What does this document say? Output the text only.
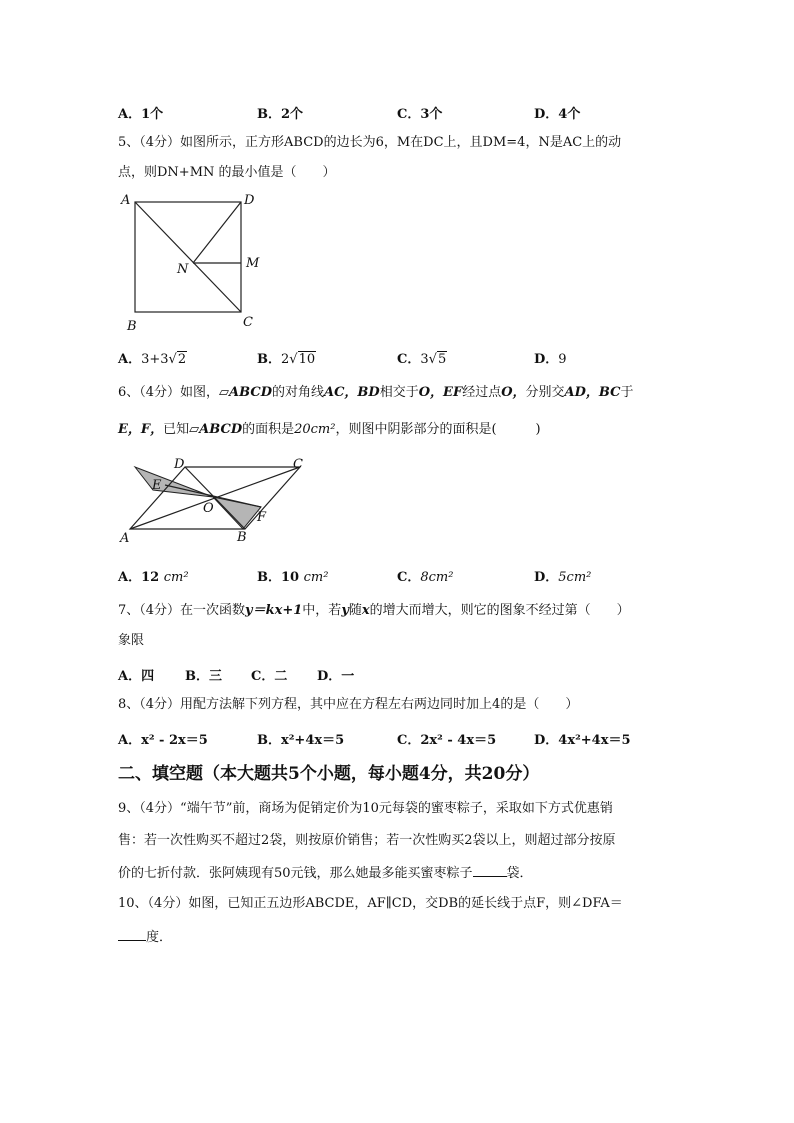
A．1个	B．2个	C．3个	D．4个
5、（4分）如图所示，正方形ABCD的边长为6，M在DC上，且DM=4，N是AC上的动
点，则DN+MN 的最小值是（　　）
A	D
M
N
B	C
A．3+3√2	B．2√10	C．3√5	D．9
6、（4分）如图，▱ABCD的对角线AC，BD相交于O，EF经过点O，分别交AD，BC于
E，F，已知▱ABCD的面积是20cm²，则图中阴影部分的面积是(　　　)
D	C
E
O
F
A	B
A．12 cm²	B．10 cm²	C．8cm²	D．5cm²
7、（4分）在一次函数y＝kx+1中，若y随x的增大而增大，则它的图象不经过第（　　）
象限
A．四 B．三 C．二 D．一
8、（4分）用配方法解下列方程，其中应在方程左右两边同时加上4的是（　　）
A．x² - 2x＝5	B．x²+4x＝5	C．2x² - 4x＝5	D．4x²+4x＝5
二、填空题（本大题共5个小题，每小题4分，共20分）
9、（4分）“端午节”前，商场为促销定价为10元每袋的蜜枣粽子，采取如下方式优惠销
售：若一次性购买不超过2袋，则按原价销售；若一次性购买2袋以上，则超过部分按原
价的七折付款．张阿姨现有50元钱，那么她最多能买蜜枣粽子	袋．
10、（4分）如图，已知正五边形ABCDE，AF∥CD，交DB的延长线于点F，则∠DFA＝
度．
